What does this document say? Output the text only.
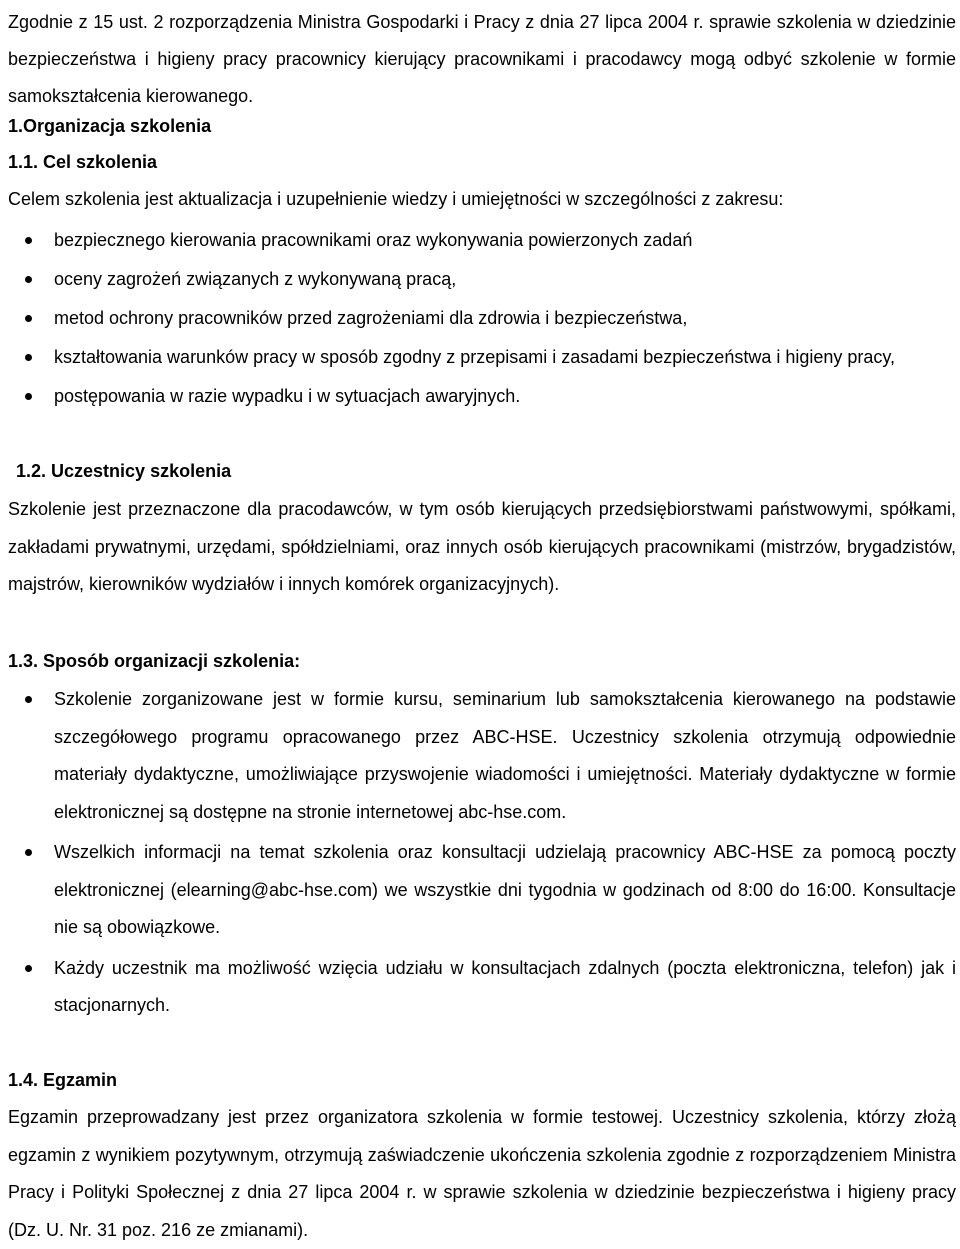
Zgodnie z 15 ust. 2 rozporządzenia Ministra Gospodarki i Pracy z dnia 27 lipca 2004 r. sprawie szkolenia w dziedzinie bezpieczeństwa i higieny pracy pracownicy kierujący pracownikami i pracodawcy mogą odbyć szkolenie w formie samokształcenia kierowanego.

1.Organizacja szkolenia
1.1. Cel szkolenia

Celem szkolenia jest aktualizacja i uzupełnienie wiedzy i umiejętności w szczególności z zakresu:

bezpiecznego kierowania pracownikami oraz wykonywania powierzonych zadań
oceny zagrożeń związanych z wykonywaną pracą,
metod ochrony pracowników przed zagrożeniami dla zdrowia i bezpieczeństwa,
kształtowania warunków pracy w sposób zgodny z przepisami i zasadami bezpieczeństwa i higieny pracy,
postępowania w razie wypadku i w sytuacjach awaryjnych.
1.2. Uczestnicy szkolenia

Szkolenie jest przeznaczone dla pracodawców, w tym osób kierujących przedsiębiorstwami państwowymi, spółkami, zakładami prywatnymi, urzędami, spółdzielniami, oraz innych osób kierujących pracownikami (mistrzów, brygadzistów, majstrów, kierowników wydziałów i innych komórek organizacyjnych).

1.3. Sposób organizacji szkolenia:
Szkolenie zorganizowane jest w formie kursu, seminarium lub samokształcenia kierowanego na podstawie szczegółowego programu opracowanego przez ABC-HSE. Uczestnicy szkolenia otrzymują odpowiednie materiały dydaktyczne, umożliwiające przyswojenie wiadomości i umiejętności. Materiały dydaktyczne w formie elektronicznej są dostępne na stronie internetowej abc-hse.com.
Wszelkich informacji na temat szkolenia oraz konsultacji udzielają pracownicy ABC-HSE za pomocą poczty elektronicznej (elearning@abc-hse.com) we wszystkie dni tygodnia w godzinach od 8:00 do 16:00. Konsultacje nie są obowiązkowe.
Każdy uczestnik ma możliwość wzięcia udziału w konsultacjach zdalnych (poczta elektroniczna, telefon) jak i stacjonarnych.
1.4. Egzamin

Egzamin przeprowadzany jest przez organizatora szkolenia w formie testowej. Uczestnicy szkolenia, którzy złożą egzamin z wynikiem pozytywnym, otrzymują zaświadczenie ukończenia szkolenia zgodnie z rozporządzeniem Ministra Pracy i Polityki Społecznej z dnia 27 lipca 2004 r. w sprawie szkolenia w dziedzinie bezpieczeństwa i higieny pracy (Dz. U. Nr. 31 poz. 216 ze zmianami).
